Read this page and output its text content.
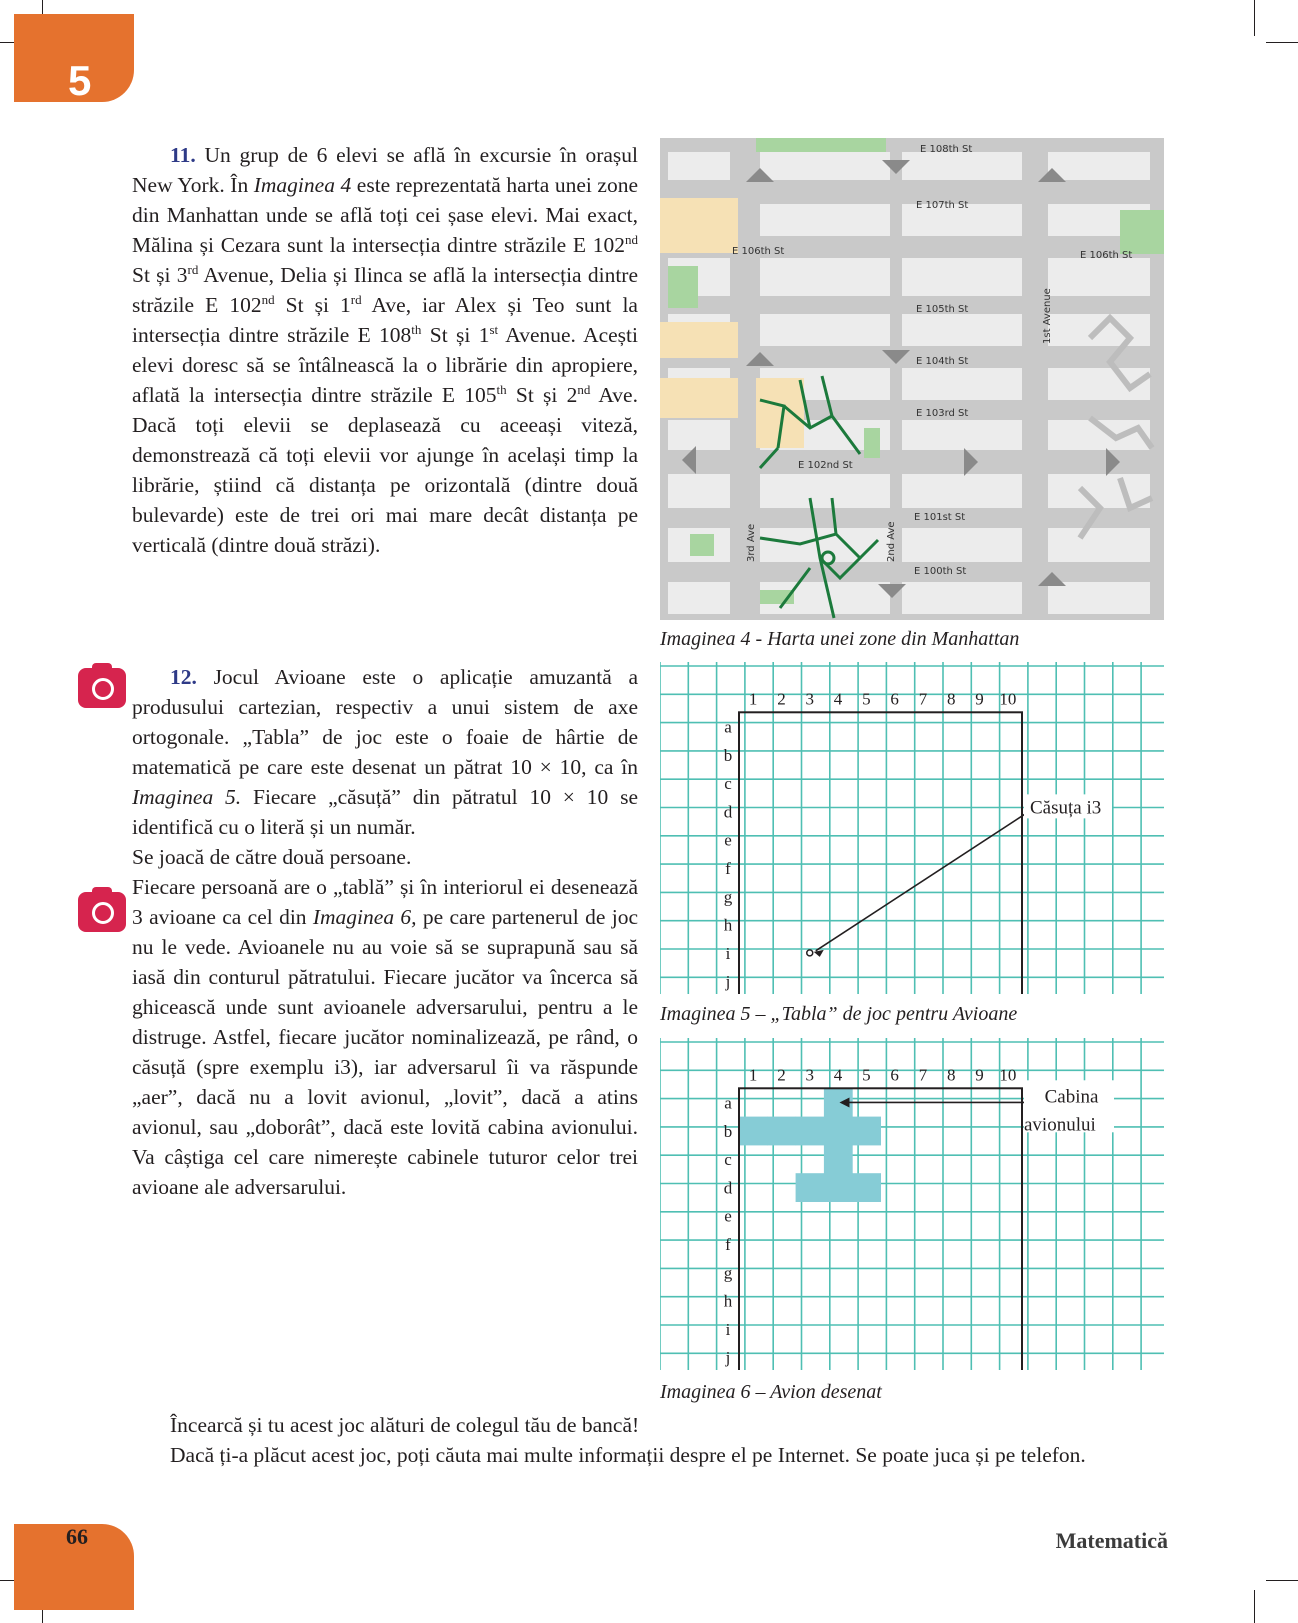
5

11. Un grup de 6 elevi se află în excursie în orașul New York. În Imaginea 4 este reprezentată harta unei zone din Manhattan unde se află toți cei șase elevi. Mai exact, Mălina și Cezara sunt la intersecția dintre străzile E 102nd St și 3rd Avenue, Delia și Ilinca se află la intersecția dintre străzile E 102nd St și 1rd Ave, iar Alex și Teo sunt la intersecția dintre străzile E 108th St și 1st Avenue. Acești elevi doresc să se întâlnească la o librărie din apropiere, aflată la intersecția dintre străzile E 105th St și 2nd Ave. Dacă toți elevii se deplasează cu aceeași viteză, demonstrează că toți elevii vor ajunge în același timp la librărie, știind că distanța pe orizontală (dintre două bulevarde) este de trei ori mai mare decât distanța pe verticală (dintre două străzi).

12. Jocul Avioane este o aplicație amuzantă a produsului cartezian, respectiv a unui sistem de axe ortogonale. „Tabla” de joc este o foaie de hârtie de matematică pe care este desenat un pătrat 10 × 10, ca în Imaginea 5. Fiecare „căsuță” din pătratul 10 × 10 se identifică cu o literă și un număr.

Se joacă de către două persoane.

Fiecare persoană are o „tablă” și în interiorul ei desenează 3 avioane ca cel din Imaginea 6, pe care partenerul de joc nu le vede. Avioanele nu au voie să se suprapună sau să iasă din conturul pătratului. Fiecare jucător va încerca să ghicească unde sunt avioanele adversarului, pentru a le distruge. Astfel, fiecare jucător nominalizează, pe rând, o căsuță (spre exemplu i3), iar adversarul îi va răspunde „aer”, dacă nu a lovit avionul, „lovit”, dacă a atins avionul, sau „doborât”, dacă este lovită cabina avionului. Va câștiga cel care nimerește cabinele tuturor celor trei avioane ale adversarului.

E 108th St
E 107th St
E 106th St	E 106th St
E 105th St
E 104th St
E 103rd St
E 102nd St
E 101st St
E 100th St
1st Avenue
2nd Ave
3rd Ave
Imaginea 4 - Harta unei zone din Manhattan
1 2 3 4 5 6 7 8 9 10
a
b
c
d
e
f
g
h
i
j
Căsuța i3
Imaginea 5 – „Tabla” de joc pentru Avioane
1 2 3 4 5 6 7 8 9 10
a
b
c
d
e
f
g
h
i
j
Cabina
avionului
Imaginea 6 – Avion desenat

Încearcă și tu acest joc alături de colegul tău de bancă!

Dacă ți-a plăcut acest joc, poți căuta mai multe informații despre el pe Internet. Se poate juca și pe telefon.

66	Matematică
